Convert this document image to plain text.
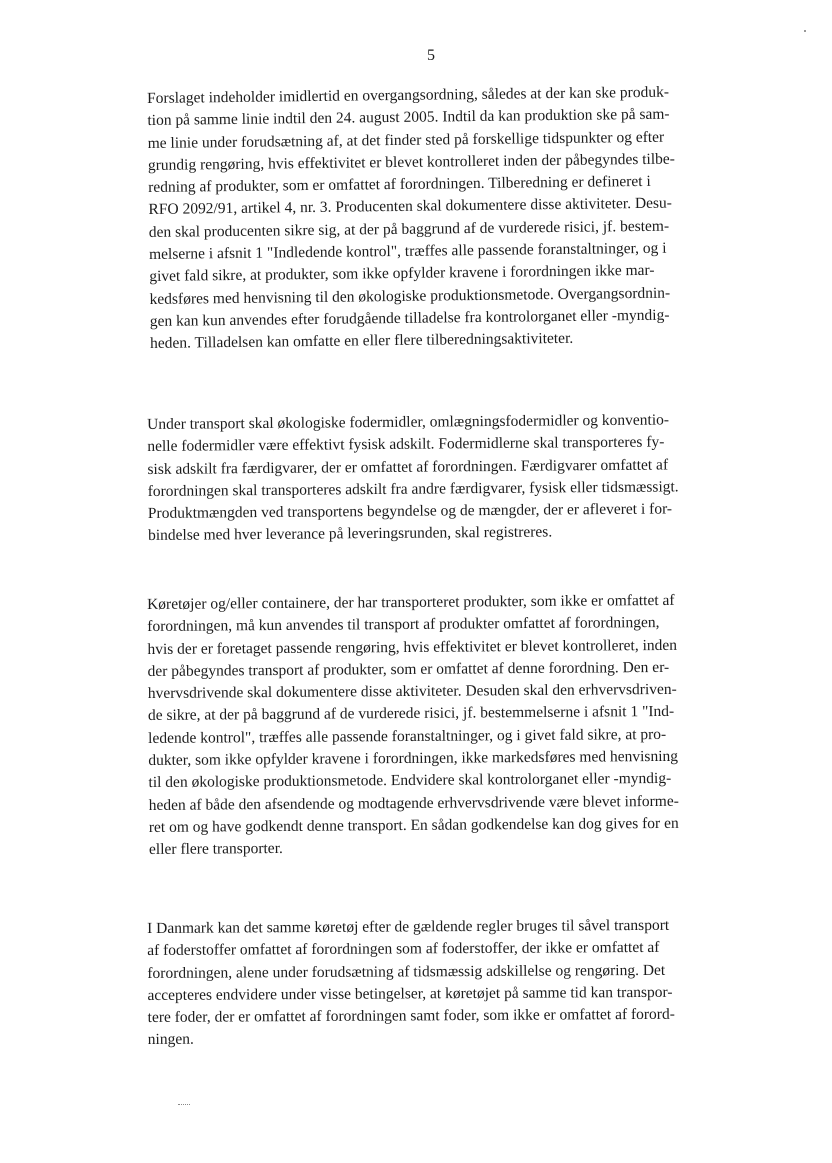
5
Forslaget indeholder imidlertid en overgangsordning, således at der kan ske produk-
tion på samme linie indtil den 24. august 2005. Indtil da kan produktion ske på sam-
me linie under forudsætning af, at det finder sted på forskellige tidspunkter og efter
grundig rengøring, hvis effektivitet er blevet kontrolleret inden der påbegyndes tilbe-
redning af produkter, som er omfattet af forordningen. Tilberedning er defineret i
RFO 2092/91, artikel 4, nr. 3. Producenten skal dokumentere disse aktiviteter. Desu-
den skal producenten sikre sig, at der på baggrund af de vurderede risici, jf. bestem-
melserne i afsnit 1 "Indledende kontrol", træffes alle passende foranstaltninger, og i
givet fald sikre, at produkter, som ikke opfylder kravene i forordningen ikke mar-
kedsføres med henvisning til den økologiske produktionsmetode. Overgangsordnin-
gen kan kun anvendes efter forudgående tilladelse fra kontrolorganet eller -myndig-
heden. Tilladelsen kan omfatte en eller flere tilberedningsaktiviteter.
Under transport skal økologiske fodermidler, omlægningsfodermidler og konventio-
nelle fodermidler være effektivt fysisk adskilt. Fodermidlerne skal transporteres fy-
sisk adskilt fra færdigvarer, der er omfattet af forordningen. Færdigvarer omfattet af
forordningen skal transporteres adskilt fra andre færdigvarer, fysisk eller tidsmæssigt.
Produktmængden ved transportens begyndelse og de mængder, der er afleveret i for-
bindelse med hver leverance på leveringsrunden, skal registreres.
Køretøjer og/eller containere, der har transporteret produkter, som ikke er omfattet af
forordningen, må kun anvendes til transport af produkter omfattet af forordningen,
hvis der er foretaget passende rengøring, hvis effektivitet er blevet kontrolleret, inden
der påbegyndes transport af produkter, som er omfattet af denne forordning. Den er-
hvervsdrivende skal dokumentere disse aktiviteter. Desuden skal den erhvervsdriven-
de sikre, at der på baggrund af de vurderede risici, jf. bestemmelserne i afsnit 1 "Ind-
ledende kontrol", træffes alle passende foranstaltninger, og i givet fald sikre, at pro-
dukter, som ikke opfylder kravene i forordningen, ikke markedsføres med henvisning
til den økologiske produktionsmetode. Endvidere skal kontrolorganet eller -myndig-
heden af både den afsendende og modtagende erhvervsdrivende være blevet informe-
ret om og have godkendt denne transport. En sådan godkendelse kan dog gives for en
eller flere transporter.
I Danmark kan det samme køretøj efter de gældende regler bruges til såvel transport
af foderstoffer omfattet af forordningen som af foderstoffer, der ikke er omfattet af
forordningen, alene under forudsætning af tidsmæssig adskillelse og rengøring. Det
accepteres endvidere under visse betingelser, at køretøjet på samme tid kan transpor-
tere foder, der er omfattet af forordningen samt foder, som ikke er omfattet af forord-
ningen.
